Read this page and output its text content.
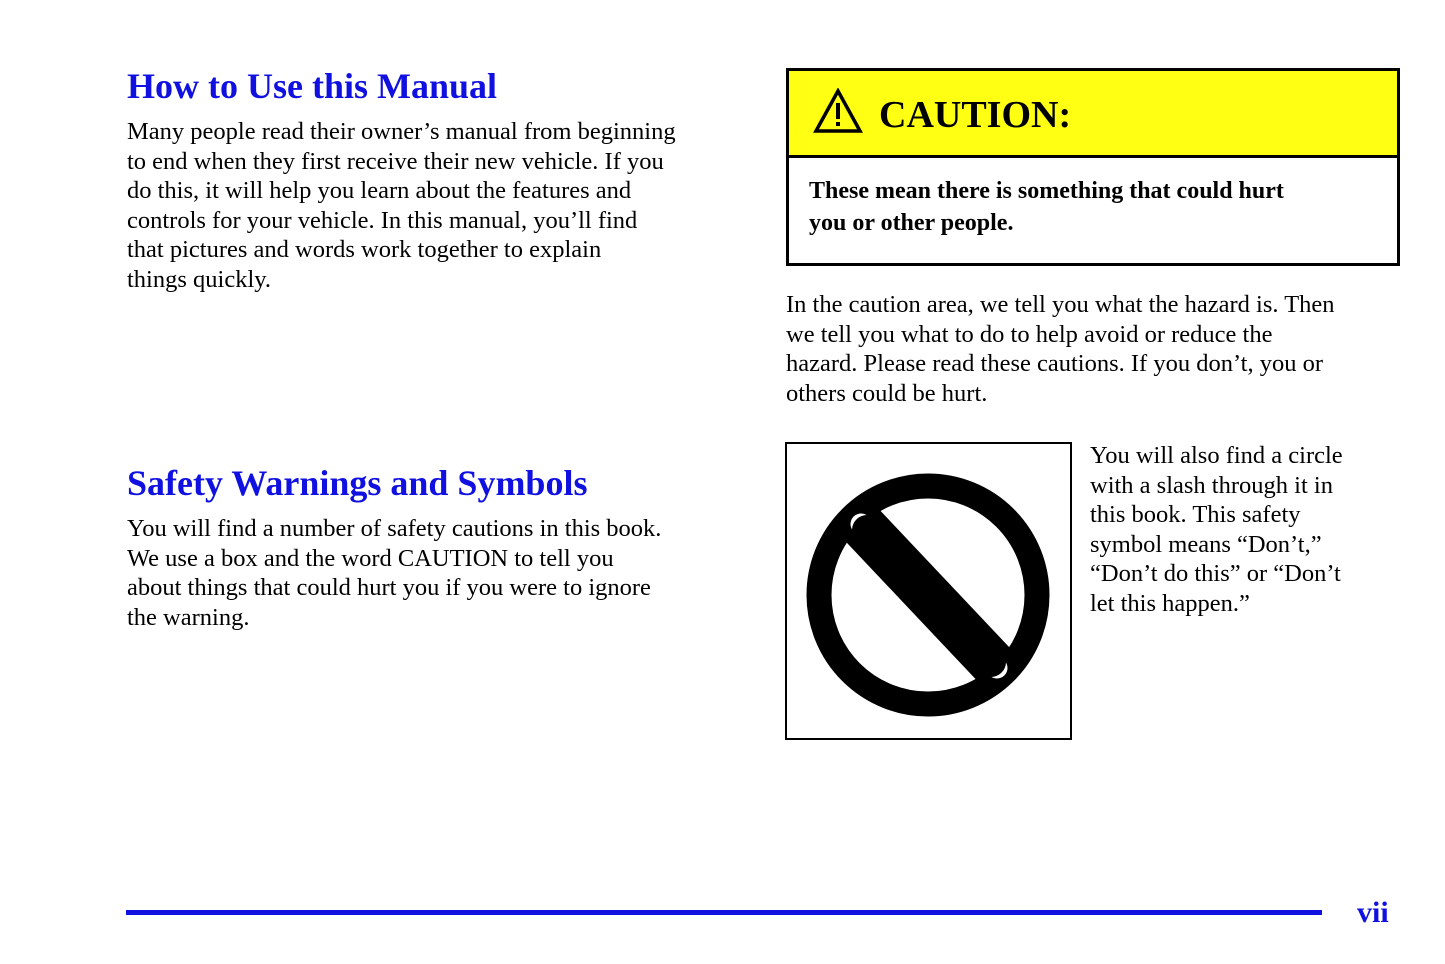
How to Use this Manual
Many people read their owner’s manual from beginning
to end when they first receive their new vehicle. If you
do this, it will help you learn about the features and
controls for your vehicle. In this manual, you’ll find
that pictures and words work together to explain
things quickly.
Safety Warnings and Symbols
You will find a number of safety cautions in this book.
We use a box and the word CAUTION to tell you
about things that could hurt you if you were to ignore
the warning.
CAUTION:
These mean there is something that could hurt
you or other people.
In the caution area, we tell you what the hazard is. Then
we tell you what to do to help avoid or reduce the
hazard. Please read these cautions. If you don’t, you or
others could be hurt.
You will also find a circle
with a slash through it in
this book. This safety
symbol means “Don’t,”
“Don’t do this” or “Don’t
let this happen.”
vii
